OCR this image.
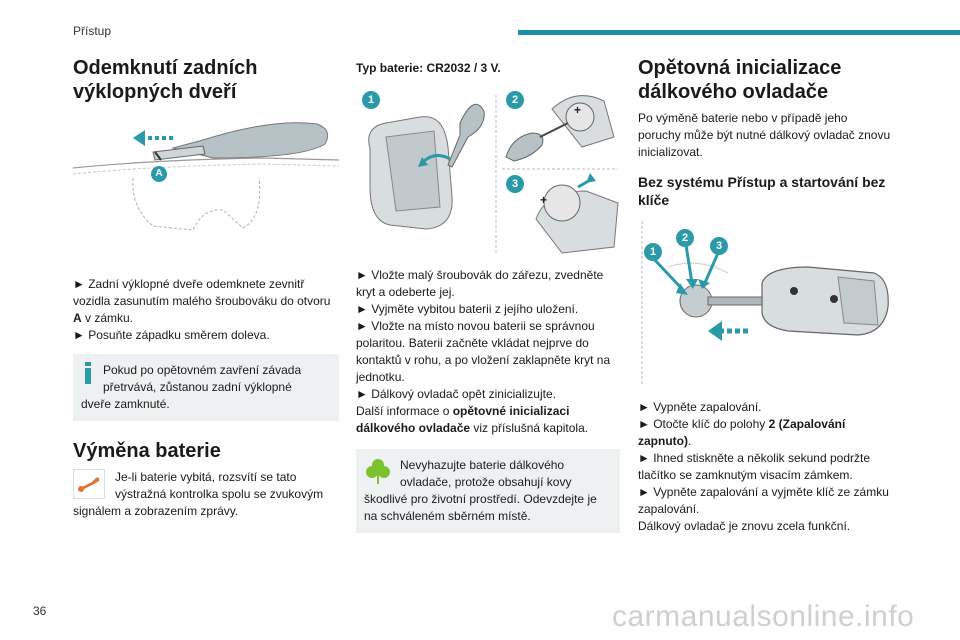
Přístup
Odemknutí zadních
výklopných dveří
A

► Zadní výklopné dveře odemknete zevnitř

vozidla zasunutím malého šroubováku do otvoru

A v zámku.

► Posuňte západku směrem doleva.

Pokud po opětovném zavření závada
přetrvává, zůstanou zadní výklopné
dveře zamknuté.
Výměna baterie

Je-li baterie vybitá, rozsvítí se tato

výstražná kontrolka spolu se zvukovým

signálem a zobrazením zprávy.

Typ baterie: CR2032 / 3 V.

1	2
3
+
+

► Vložte malý šroubovák do zářezu, zvedněte

kryt a odeberte jej.

► Vyjměte vybitou baterii z jejího uložení.

► Vložte na místo novou baterii se správnou

polaritou. Baterii začněte vkládat nejprve do

kontaktů v rohu, a po vložení zaklapněte kryt na

jednotku.

► Dálkový ovladač opět zinicializujte.

Další informace o opětovné inicializaci

dálkového ovladače viz příslušná kapitola.

Nevyhazujte baterie dálkového
ovladače, protože obsahují kovy
škodlivé pro životní prostředí. Odevzdejte je
na schváleném sběrném místě.
Opětovná inicializace
dálkového ovladače

Po výměně baterie nebo v případě jeho

poruchy může být nutné dálkový ovladač znovu

inicializovat.

Bez systému Přístup a startování bez
klíče
1
2
3

► Vypněte zapalování.

► Otočte klíč do polohy 2 (Zapalování

zapnuto).

► Ihned stiskněte a několik sekund podržte

tlačítko se zamknutým visacím zámkem.

► Vypněte zapalování a vyjměte klíč ze zámku

zapalování.

Dálkový ovladač je znovu zcela funkční.

36	carmanualsonline.info
